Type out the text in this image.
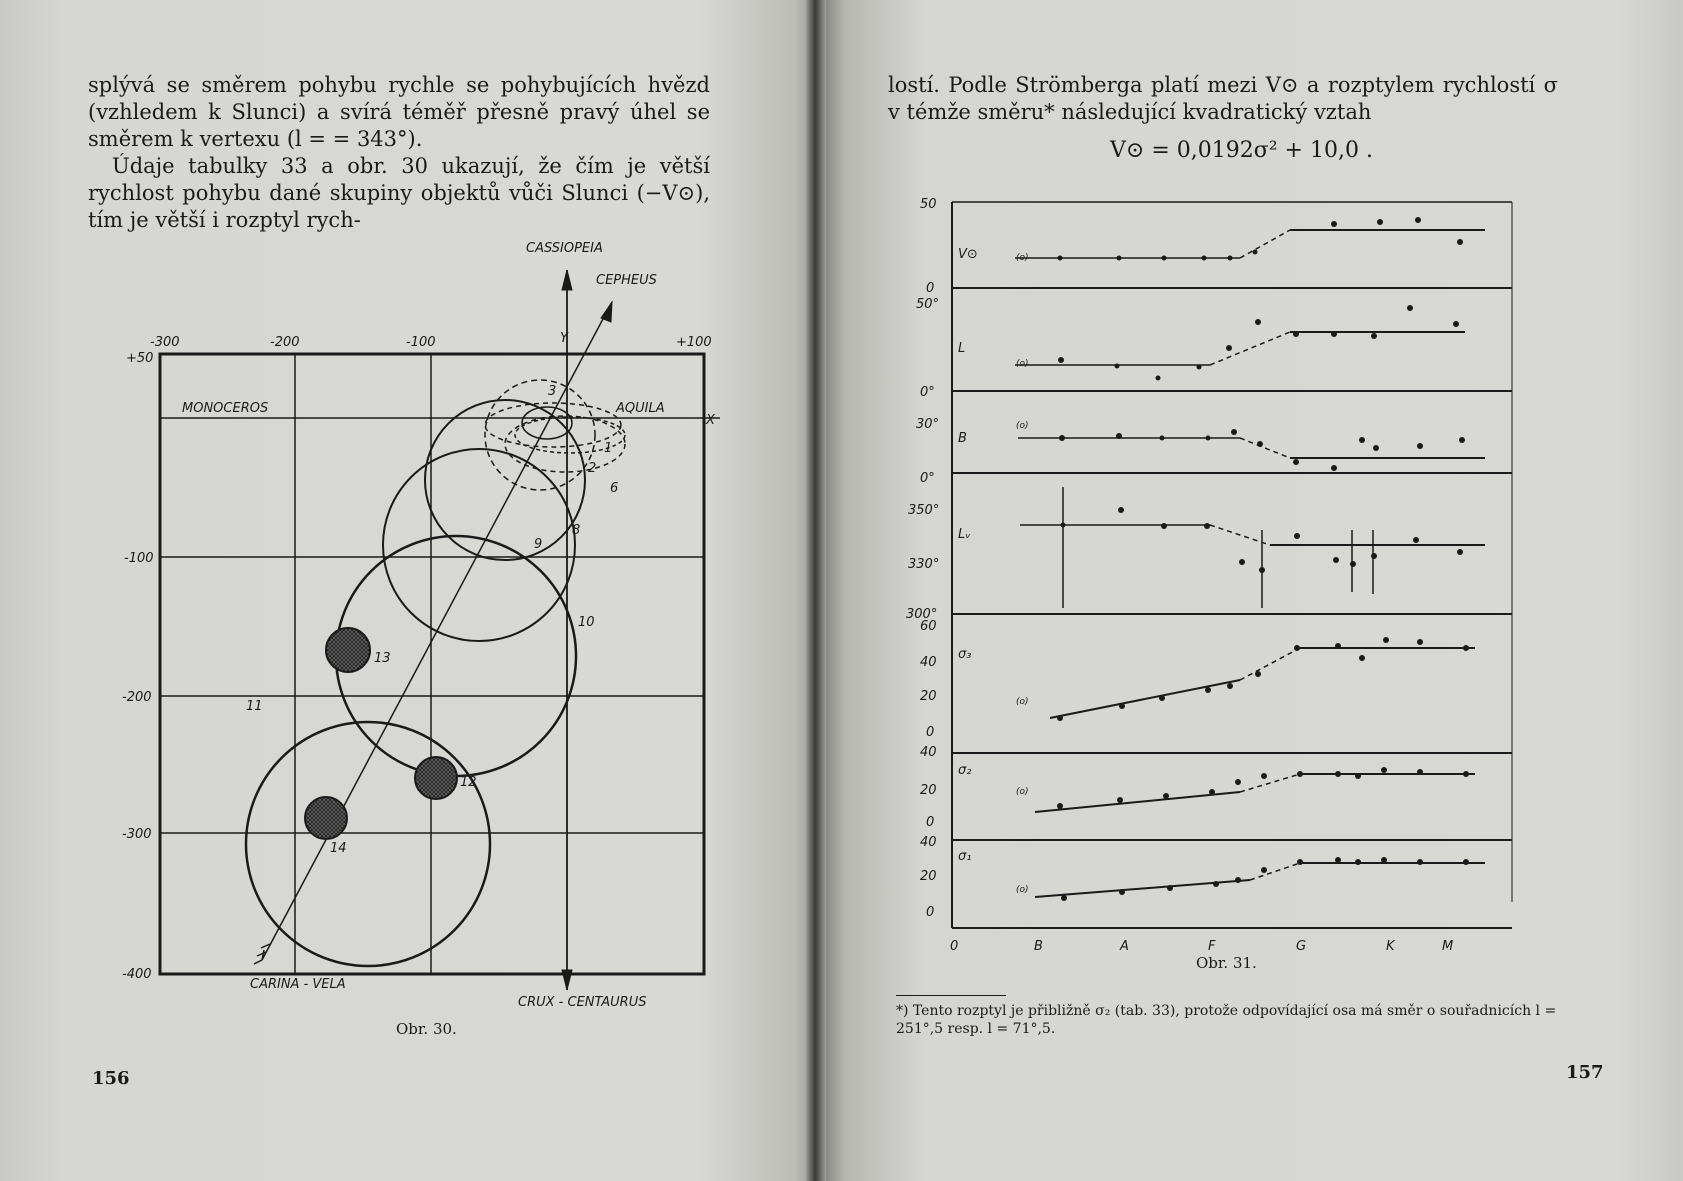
splývá se směrem pohybu rychle se pohybujících hvězd (vzhledem k Slunci) a svírá téměř přesně pravý úhel se směrem k vertexu (l = = 343°).
Údaje tabulky 33 a obr. 30 ukazují, že čím je větší rychlost pohybu dané skupiny objektů vůči Slunci (−V⊙), tím je větší i rozptyl rych-
-300	-200	-100	+100
+50
-100
-200
-300
-400
X
Y
CASSIOPEIA
CEPHEUS
MONOCEROS	AQUILA
CARINA - VELA
CRUX - CENTAURUS
1
2
3
6
8
9
10
11
12
13
14
Obr. 30.
156
lostí. Podle Strömberga platí mezi V⊙ a rozptylem rychlostí σ v témže směru* následující kvadratický vztah
V⊙ = 0,0192σ² + 10,0 .
50
0
50°
0°
30°
0°
350°
330°
300°
60
40
20
0
40
20
0
40
20
0
V⊙
L
B
Lᵥ
σ₃
σ₂
σ₁
(o)
(o)
(o)
(o)
(o)
(o)
0	B	A	F	G	K	M
Obr. 31.
*) Tento rozptyl je přibližně σ₂ (tab. 33), protože odpovídající osa má směr o souřadnicích l = 251°,5 resp. l = 71°,5.
157
